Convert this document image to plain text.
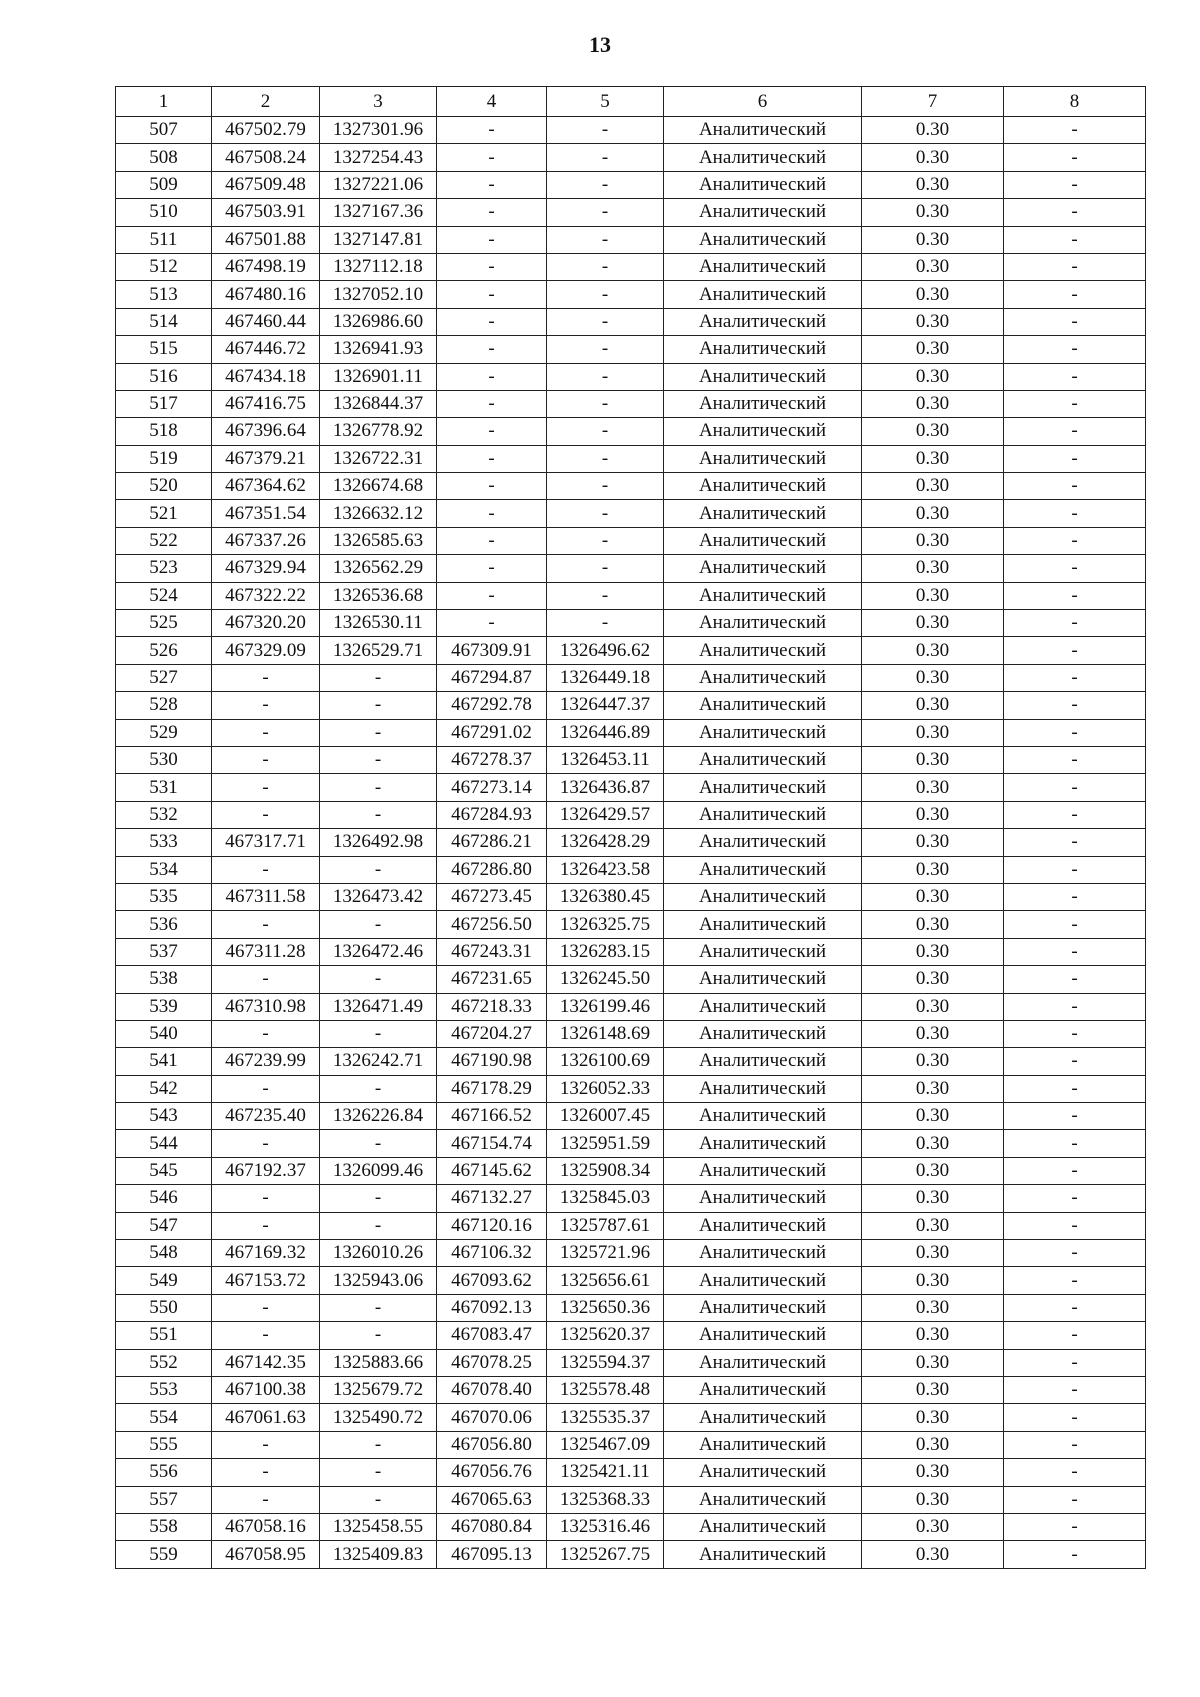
13
1	2	3	4	5	6	7	8
507	467502.79	1327301.96	-	-	Аналитический	0.30	-
508	467508.24	1327254.43	-	-	Аналитический	0.30	-
509	467509.48	1327221.06	-	-	Аналитический	0.30	-
510	467503.91	1327167.36	-	-	Аналитический	0.30	-
511	467501.88	1327147.81	-	-	Аналитический	0.30	-
512	467498.19	1327112.18	-	-	Аналитический	0.30	-
513	467480.16	1327052.10	-	-	Аналитический	0.30	-
514	467460.44	1326986.60	-	-	Аналитический	0.30	-
515	467446.72	1326941.93	-	-	Аналитический	0.30	-
516	467434.18	1326901.11	-	-	Аналитический	0.30	-
517	467416.75	1326844.37	-	-	Аналитический	0.30	-
518	467396.64	1326778.92	-	-	Аналитический	0.30	-
519	467379.21	1326722.31	-	-	Аналитический	0.30	-
520	467364.62	1326674.68	-	-	Аналитический	0.30	-
521	467351.54	1326632.12	-	-	Аналитический	0.30	-
522	467337.26	1326585.63	-	-	Аналитический	0.30	-
523	467329.94	1326562.29	-	-	Аналитический	0.30	-
524	467322.22	1326536.68	-	-	Аналитический	0.30	-
525	467320.20	1326530.11	-	-	Аналитический	0.30	-
526	467329.09	1326529.71	467309.91	1326496.62	Аналитический	0.30	-
527	-	-	467294.87	1326449.18	Аналитический	0.30	-
528	-	-	467292.78	1326447.37	Аналитический	0.30	-
529	-	-	467291.02	1326446.89	Аналитический	0.30	-
530	-	-	467278.37	1326453.11	Аналитический	0.30	-
531	-	-	467273.14	1326436.87	Аналитический	0.30	-
532	-	-	467284.93	1326429.57	Аналитический	0.30	-
533	467317.71	1326492.98	467286.21	1326428.29	Аналитический	0.30	-
534	-	-	467286.80	1326423.58	Аналитический	0.30	-
535	467311.58	1326473.42	467273.45	1326380.45	Аналитический	0.30	-
536	-	-	467256.50	1326325.75	Аналитический	0.30	-
537	467311.28	1326472.46	467243.31	1326283.15	Аналитический	0.30	-
538	-	-	467231.65	1326245.50	Аналитический	0.30	-
539	467310.98	1326471.49	467218.33	1326199.46	Аналитический	0.30	-
540	-	-	467204.27	1326148.69	Аналитический	0.30	-
541	467239.99	1326242.71	467190.98	1326100.69	Аналитический	0.30	-
542	-	-	467178.29	1326052.33	Аналитический	0.30	-
543	467235.40	1326226.84	467166.52	1326007.45	Аналитический	0.30	-
544	-	-	467154.74	1325951.59	Аналитический	0.30	-
545	467192.37	1326099.46	467145.62	1325908.34	Аналитический	0.30	-
546	-	-	467132.27	1325845.03	Аналитический	0.30	-
547	-	-	467120.16	1325787.61	Аналитический	0.30	-
548	467169.32	1326010.26	467106.32	1325721.96	Аналитический	0.30	-
549	467153.72	1325943.06	467093.62	1325656.61	Аналитический	0.30	-
550	-	-	467092.13	1325650.36	Аналитический	0.30	-
551	-	-	467083.47	1325620.37	Аналитический	0.30	-
552	467142.35	1325883.66	467078.25	1325594.37	Аналитический	0.30	-
553	467100.38	1325679.72	467078.40	1325578.48	Аналитический	0.30	-
554	467061.63	1325490.72	467070.06	1325535.37	Аналитический	0.30	-
555	-	-	467056.80	1325467.09	Аналитический	0.30	-
556	-	-	467056.76	1325421.11	Аналитический	0.30	-
557	-	-	467065.63	1325368.33	Аналитический	0.30	-
558	467058.16	1325458.55	467080.84	1325316.46	Аналитический	0.30	-
559	467058.95	1325409.83	467095.13	1325267.75	Аналитический	0.30	-
